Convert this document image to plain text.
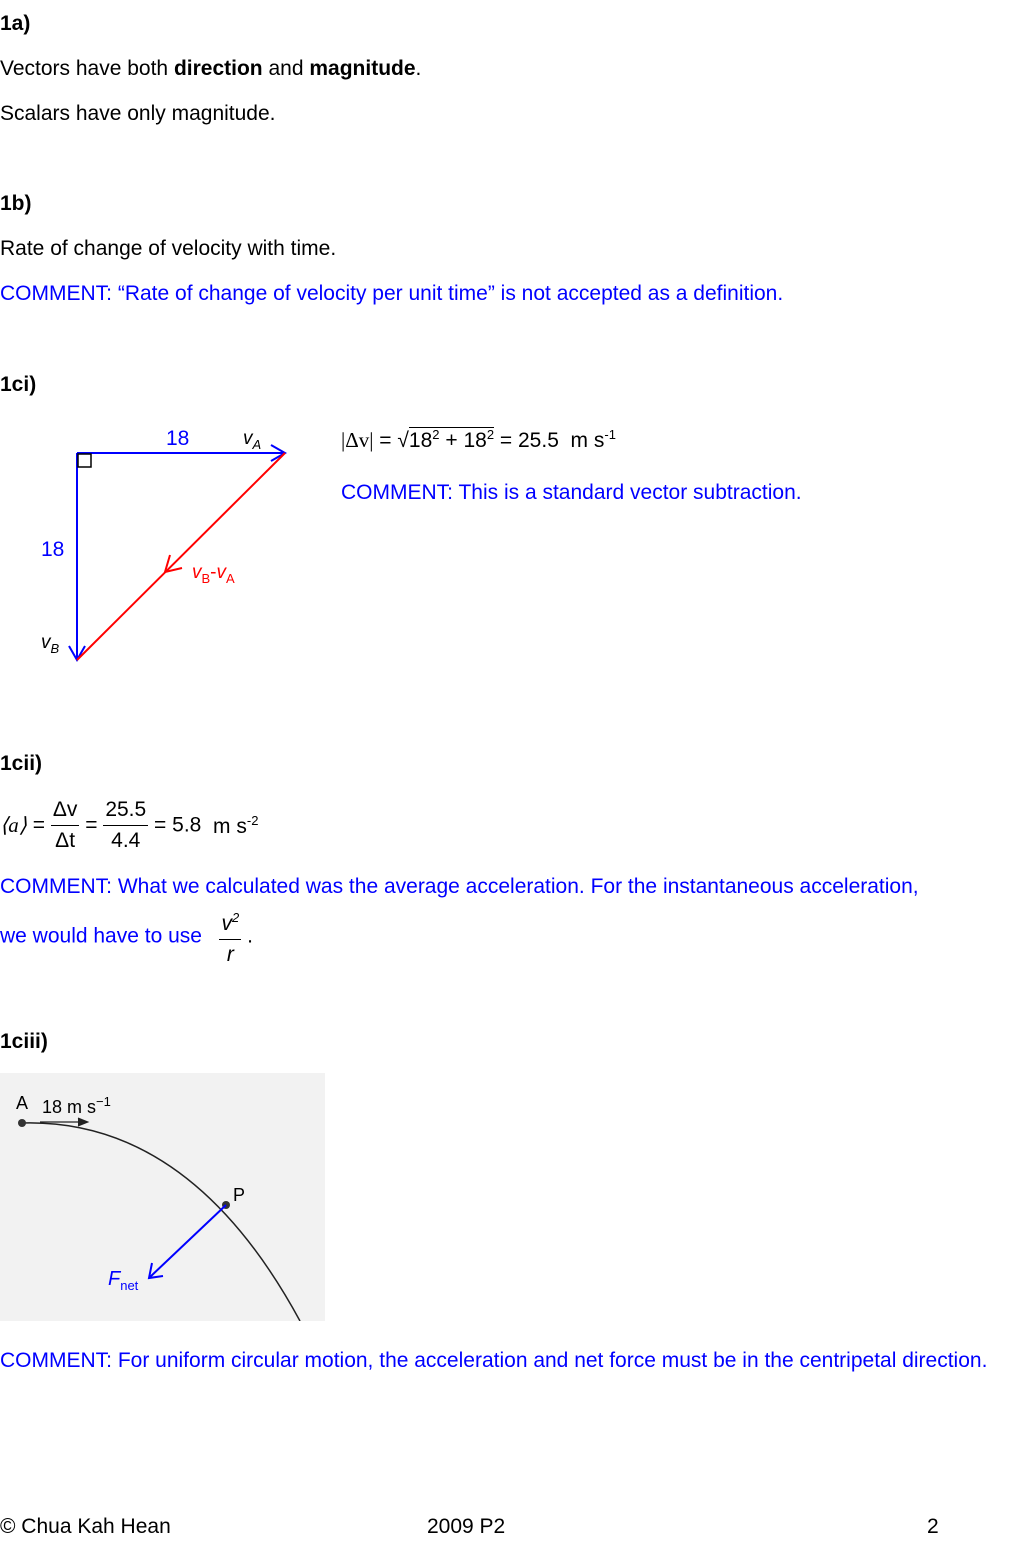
1a)
Vectors have both direction and magnitude.
Scalars have only magnitude.
1b)
Rate of change of velocity with time.
COMMENT: “Rate of change of velocity per unit time” is not accepted as a definition.
1ci)
18
18
$v_A$
$v_B$
$v_B-v_A$
$|\Delta v| = √18^2 + 18^2 = 25.5$ m $s^{-1}$
COMMENT: This is a standard vector subtraction.
1cii)
⟨a⟩ = $\frac{\Delta v}{\Delta t} = \frac{25.5}{4.4} = 5.8$ m $s^{-2}$
COMMENT: What we calculated was the average acceleration. For the instantaneous acceleration,
we would have to use $\frac{v^2}{r}$ .
1ciii)
A 18 m $s^{-1}$
P
$F_{net}$
COMMENT: For uniform circular motion, the acceleration and net force must be in the centripetal direction.
© Chua Kah Hean	2009 P2	2
